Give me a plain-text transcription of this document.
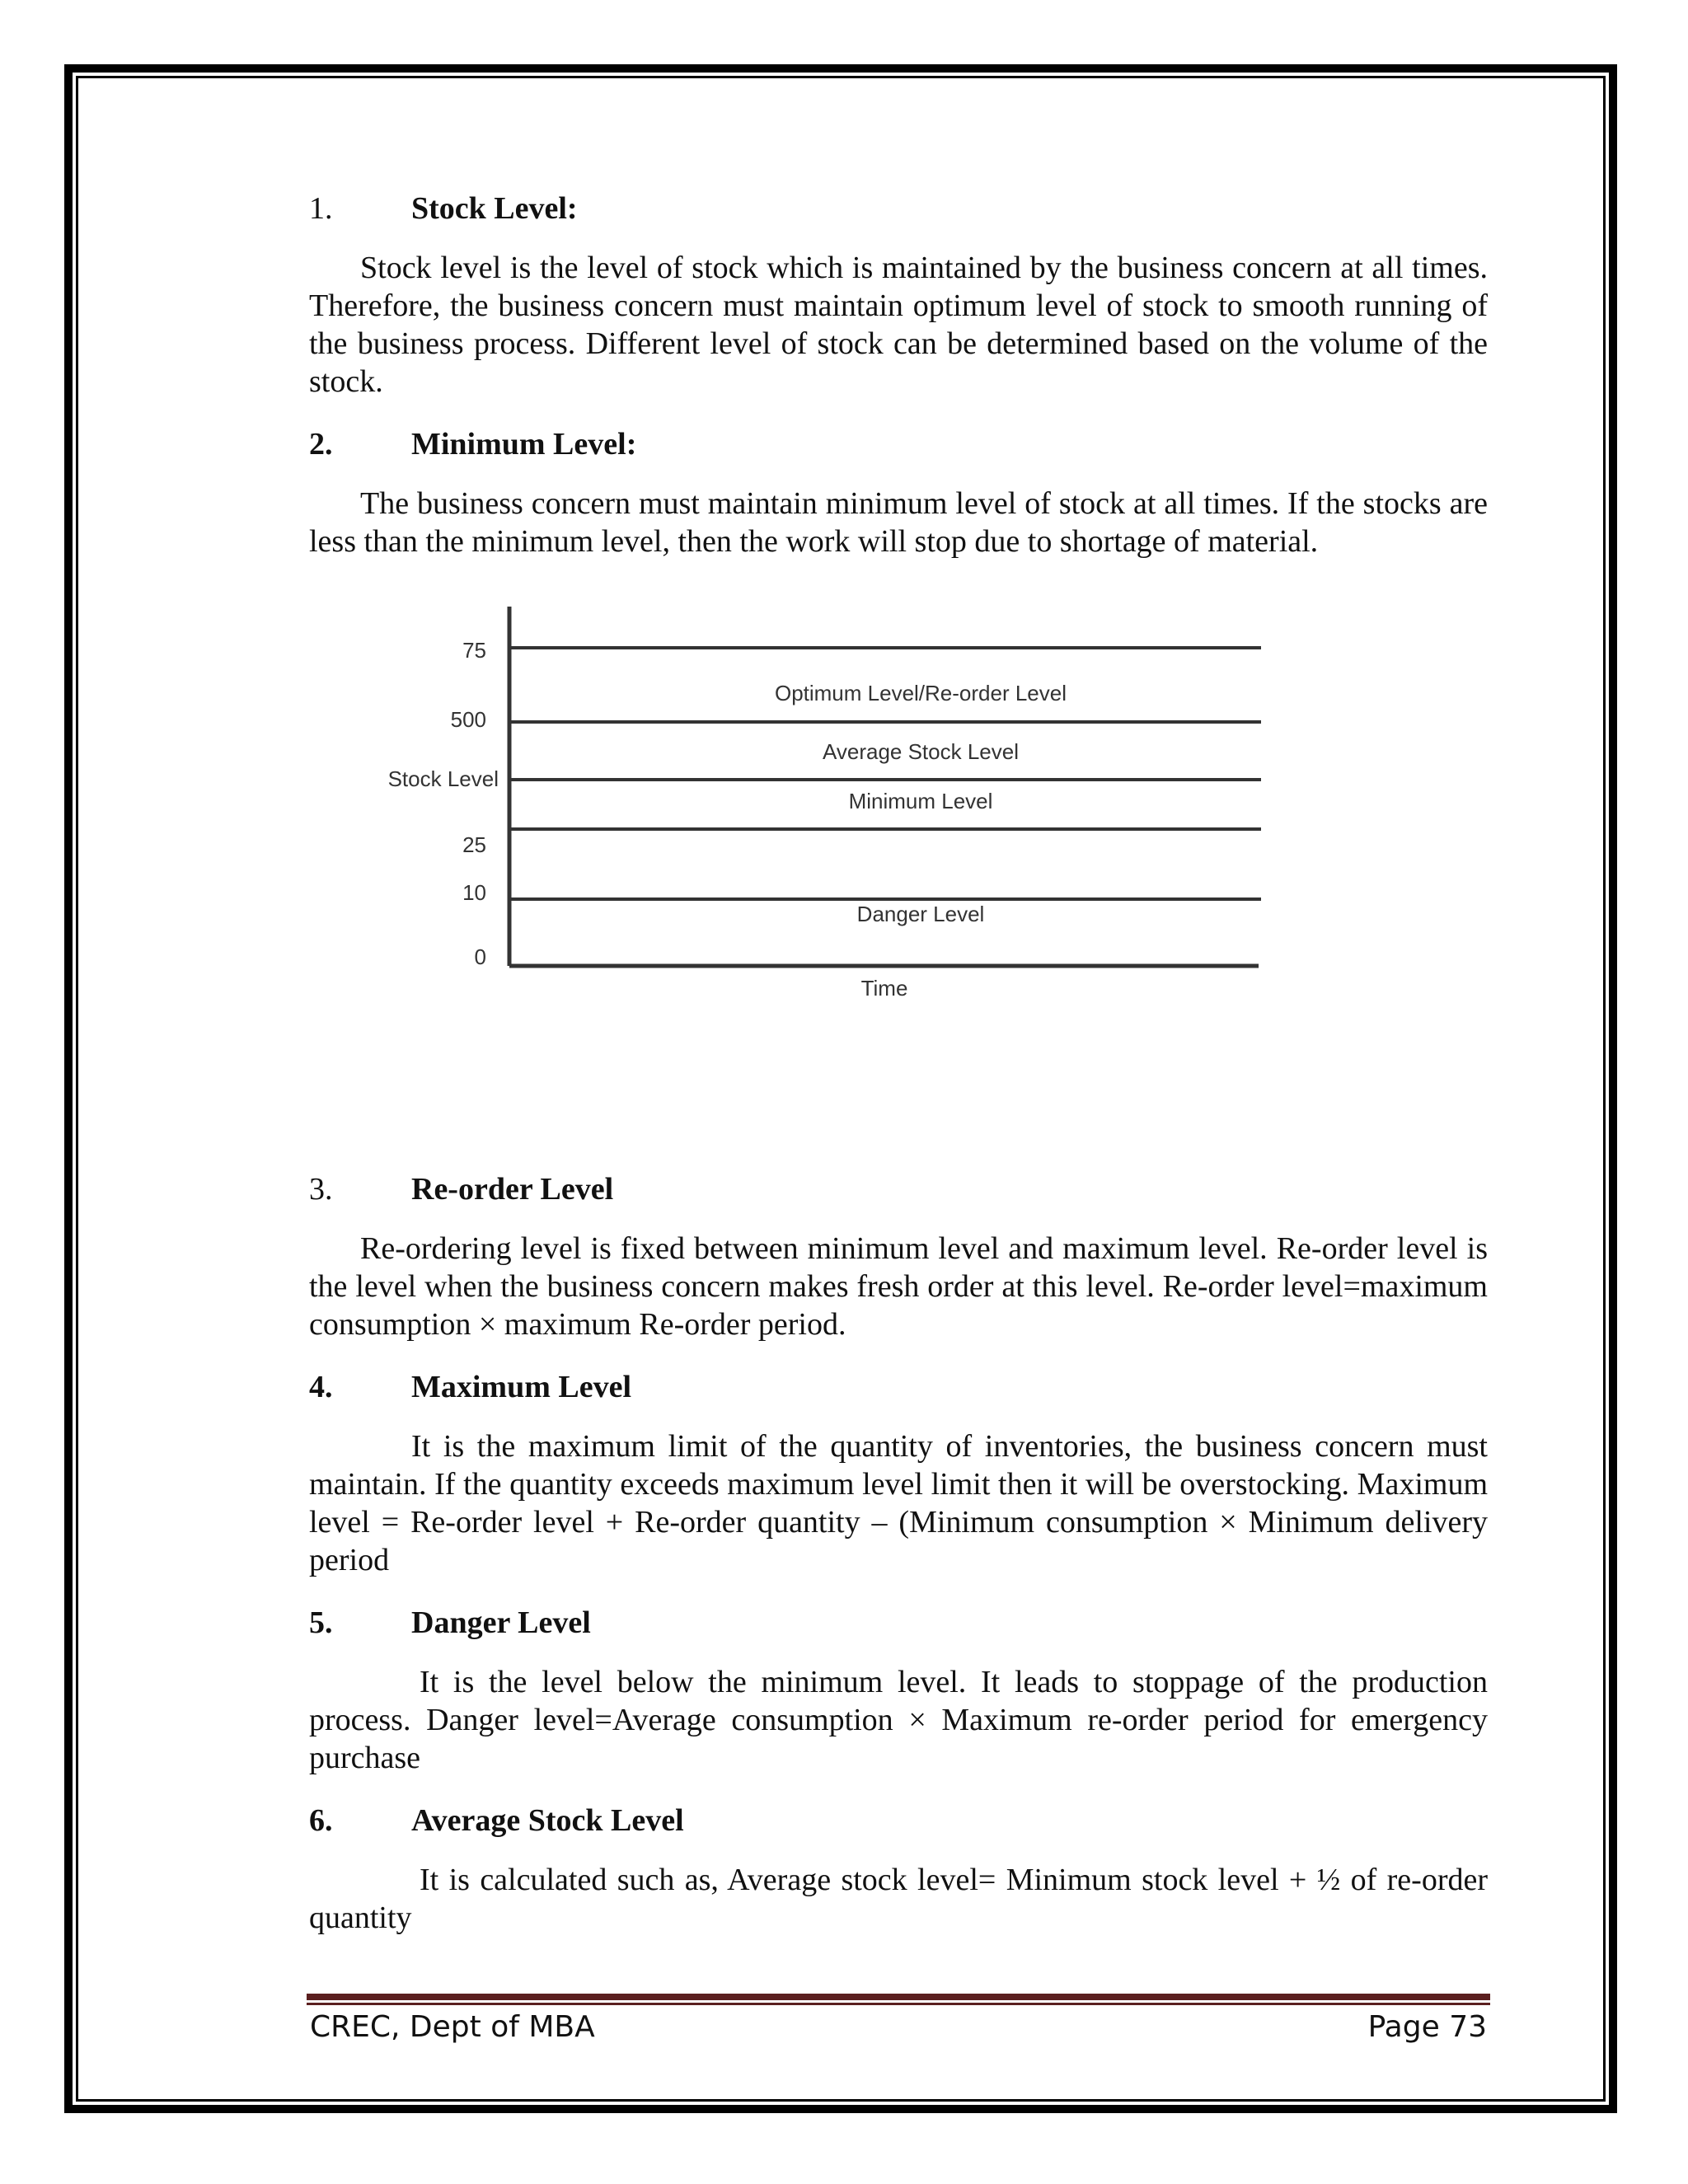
1.	Stock Level:

Stock level is the level of stock which is maintained by the business concern at all times. Therefore, the business concern must maintain optimum level of stock to smooth running of the business process. Different level of stock can be determined based on the volume of the stock.

2.	Minimum Level:

The business concern must maintain minimum level of stock at all times. If the stocks are less than the minimum level, then the work will stop due to shortage of material.

75
500
Stock Level
25
10
0
Optimum Level/Re-order Level
Average Stock Level
Minimum Level
Danger Level
Time
3.	Re-order Level

Re-ordering level is fixed between minimum level and maximum level. Re-order level is the level when the business concern makes fresh order at this level. Re-order level=maximum consumption × maximum Re-order period.

4.	Maximum Level

It is the maximum limit of the quantity of inventories, the business concern must maintain. If the quantity exceeds maximum level limit then it will be overstocking. Maximum level = Re-order level + Re-order quantity – (Minimum consumption × Minimum delivery period

5.	Danger Level

It is the level below the minimum level. It leads to stoppage of the production process. Danger level=Average consumption × Maximum re-order period for emergency purchase

6.	Average Stock Level

It is calculated such as, Average stock level= Minimum stock level + ½ of re-order quantity

CREC, Dept of MBA	Page 73
